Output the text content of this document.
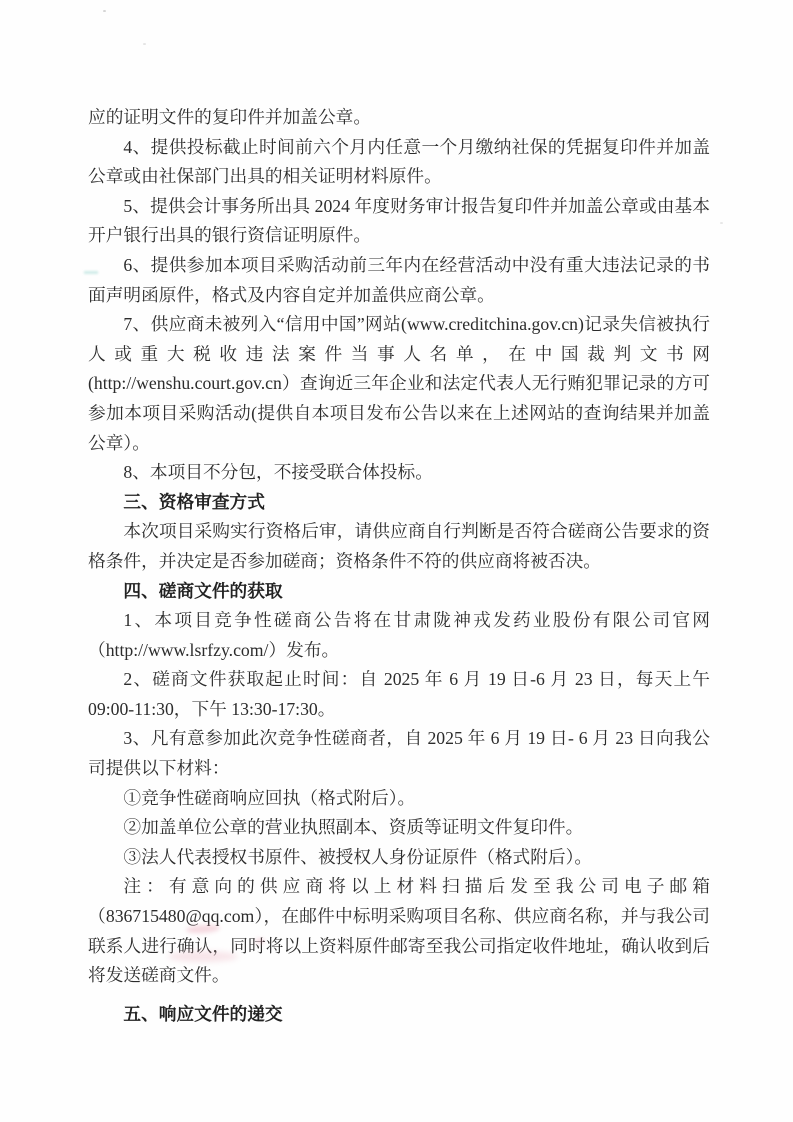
应的证明文件的复印件并加盖公章。

4、提供投标截止时间前六个月内任意一个月缴纳社保的凭据复印件并加盖公章或由社保部门出具的相关证明材料原件。

5、提供会计事务所出具 2024 年度财务审计报告复印件并加盖公章或由基本开户银行出具的银行资信证明原件。

6、提供参加本项目采购活动前三年内在经营活动中没有重大违法记录的书面声明函原件，格式及内容自定并加盖供应商公章。

7、供应商未被列入“信用中国”网站(www.creditchina.gov.cn)记录失信被执行人或重大税收违法案件当事人名单，在中国裁判文书网(http://wenshu.court.gov.cn）查询近三年企业和法定代表人无行贿犯罪记录的方可参加本项目采购活动(提供自本项目发布公告以来在上述网站的查询结果并加盖公章）。

8、本项目不分包，不接受联合体投标。

三、资格审查方式

本次项目采购实行资格后审，请供应商自行判断是否符合磋商公告要求的资格条件，并决定是否参加磋商；资格条件不符的供应商将被否决。

四、磋商文件的获取

1、本项目竞争性磋商公告将在甘肃陇神戎发药业股份有限公司官网（http://www.lsrfzy.com/）发布。

2、磋商文件获取起止时间：自 2025 年 6 月 19 日-6 月 23 日，每天上午 09:00-11:30，下午 13:30-17:30。

3、凡有意参加此次竞争性磋商者，自 2025 年 6 月 19 日- 6 月 23 日向我公司提供以下材料：

①竞争性磋商响应回执（格式附后）。

②加盖单位公章的营业执照副本、资质等证明文件复印件。

③法人代表授权书原件、被授权人身份证原件（格式附后）。

注：有意向的供应商将以上材料扫描后发至我公司电子邮箱（836715480@qq.com），在邮件中标明采购项目名称、供应商名称，并与我公司联系人进行确认，同时将以上资料原件邮寄至我公司指定收件地址，确认收到后将发送磋商文件。

五、响应文件的递交
